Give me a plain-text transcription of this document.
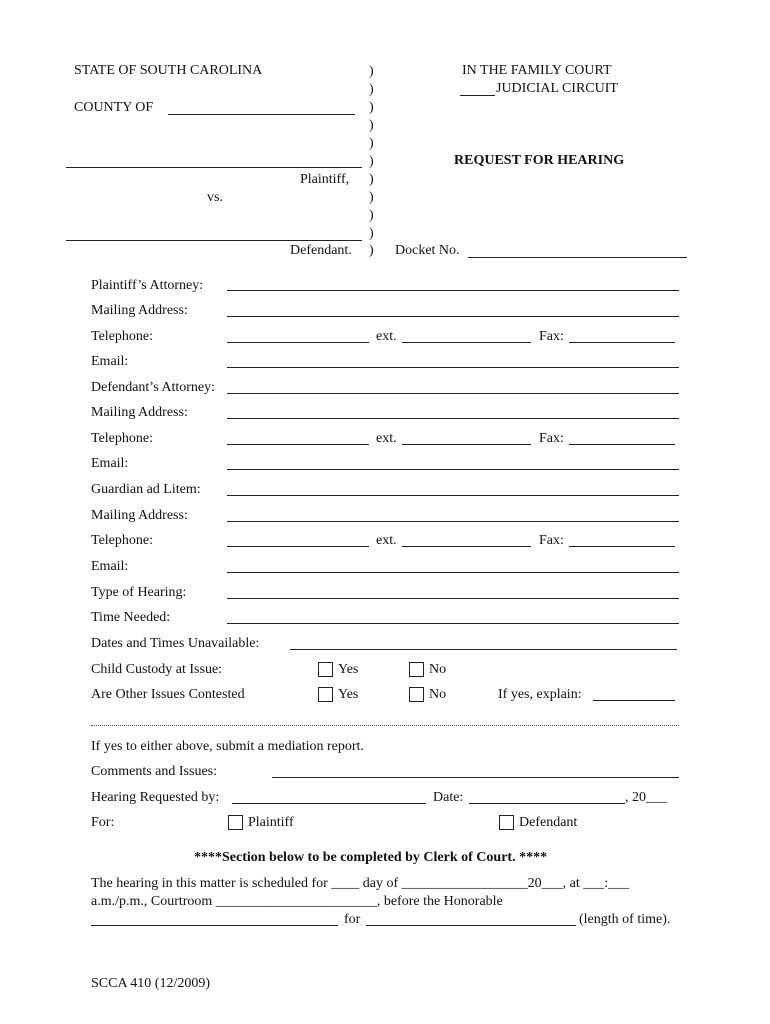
STATE OF SOUTH CAROLINA
COUNTY OF
Plaintiff,
vs.
Defendant.
)
)
)
)
)
)
)
)
)
)
)
IN THE FAMILY COURT
JUDICIAL CIRCUIT
REQUEST FOR HEARING
Docket No.
Plaintiff’s Attorney:
Mailing Address:
Telephone:	ext.	Fax:
Email:
Defendant’s Attorney:
Mailing Address:
Telephone:	ext.	Fax:
Email:
Guardian ad Litem:
Mailing Address:
Telephone:	ext.	Fax:
Email:
Type of Hearing:
Time Needed:
Dates and Times Unavailable:
Child Custody at Issue:	Yes	No
Are Other Issues Contested	Yes	No	If yes, explain:
If yes to either above, submit a mediation report.
Comments and Issues:
Hearing Requested by:	Date:	, 20___
For:	Plaintiff	Defendant
****Section below to be completed by Clerk of Court. ****
The hearing in this matter is scheduled for ____ day of __________________20___, at ___:___
a.m./p.m., Courtroom _______________________, before the Honorable
for	(length of time).
SCCA 410 (12/2009)
